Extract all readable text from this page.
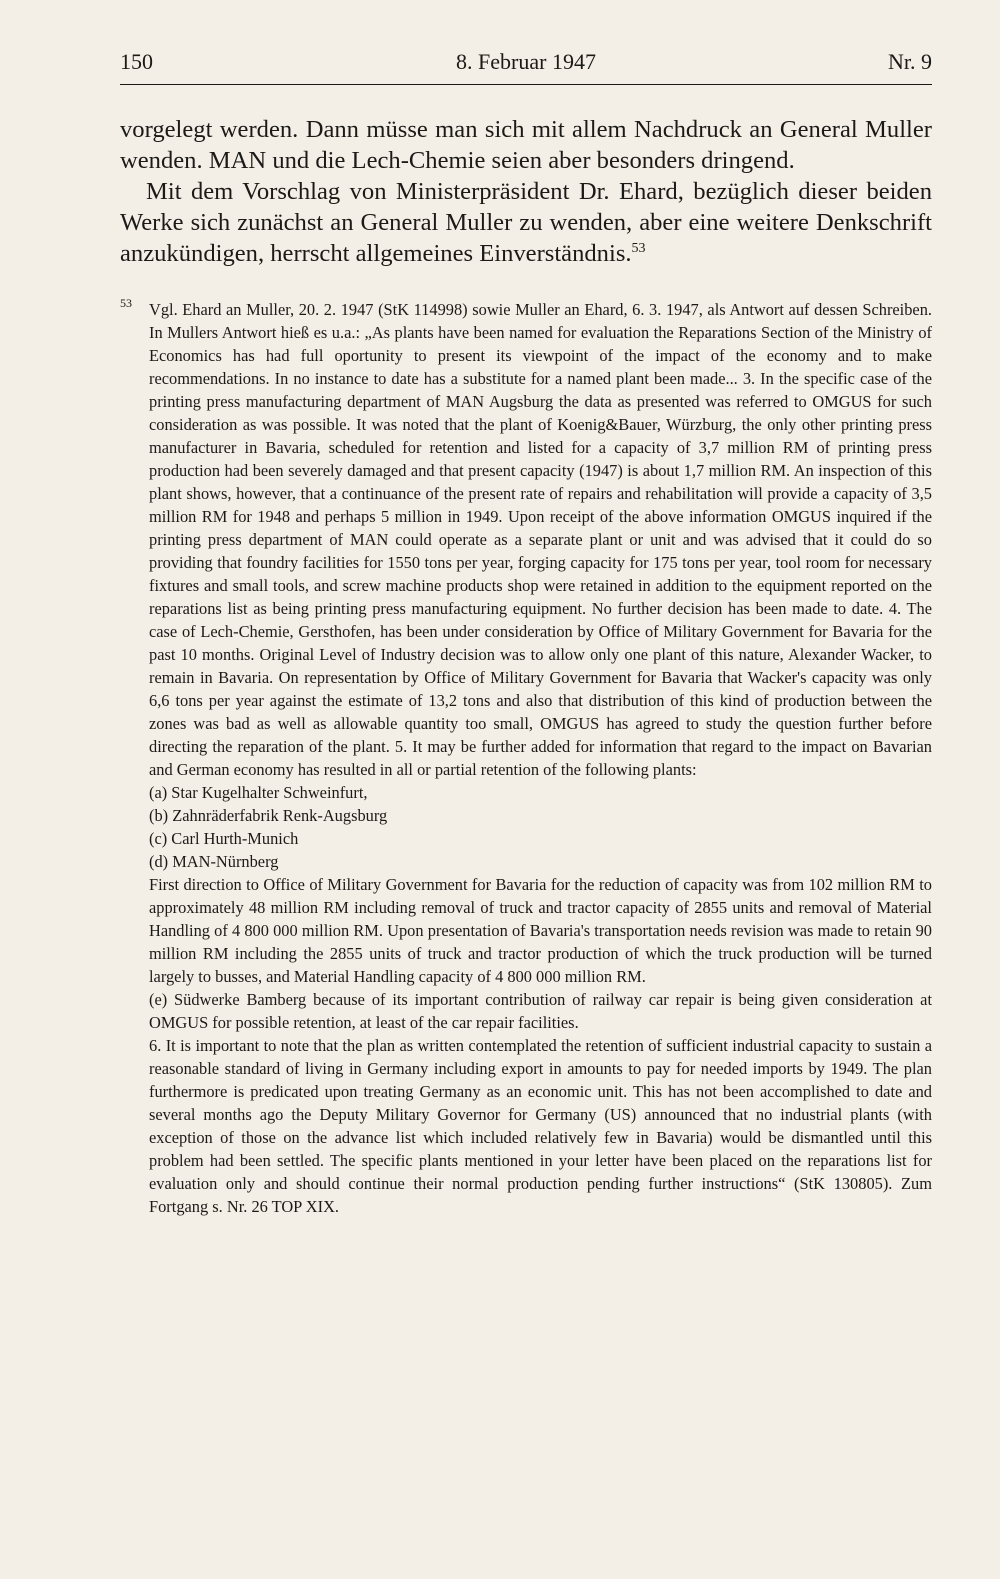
8. Februar 1947
150	Nr. 9

vorgelegt werden. Dann müsse man sich mit allem Nachdruck an General Muller wenden. MAN und die Lech-Chemie seien aber besonders dringend.

Mit dem Vorschlag von Ministerpräsident Dr. Ehard, bezüglich dieser beiden Werke sich zunächst an General Muller zu wenden, aber eine weitere Denkschrift anzukündigen, herrscht allgemeines Einverständnis.$^{53}$

53 Vgl. Ehard an Muller, 20. 2. 1947 (StK 114998) sowie Muller an Ehard, 6. 3. 1947, als Antwort auf dessen Schreiben. In Mullers Antwort hieß es u.a.: „As plants have been named for evaluation the Reparations Section of the Ministry of Economics has had full oportunity to present its viewpoint of the impact of the economy and to make recommendations. In no instance to date has a substitute for a named plant been made... 3. In the specific case of the printing press manufacturing department of MAN Augsburg the data as presented was referred to OMGUS for such consideration as was possible. It was noted that the plant of Koenig&Bauer, Würzburg, the only other printing press manufacturer in Bavaria, scheduled for retention and listed for a capacity of 3,7 million RM of printing press production had been severely damaged and that present capacity (1947) is about 1,7 million RM. An inspection of this plant shows, however, that a continuance of the present rate of repairs and rehabilitation will provide a capacity of 3,5 million RM for 1948 and perhaps 5 million in 1949. Upon receipt of the above information OMGUS inquired if the printing press department of MAN could operate as a separate plant or unit and was advised that it could do so providing that foundry facilities for 1550 tons per year, forging capacity for 175 tons per year, tool room for necessary fixtures and small tools, and screw machine products shop were retained in addition to the equipment reported on the reparations list as being printing press manufacturing equipment. No further decision has been made to date. 4. The case of Lech-Chemie, Gersthofen, has been under consideration by Office of Military Government for Bavaria for the past 10 months. Original Level of Industry decision was to allow only one plant of this nature, Alexander Wacker, to remain in Bavaria. On representation by Office of Military Government for Bavaria that Wacker's capacity was only 6,6 tons per year against the estimate of 13,2 tons and also that distribution of this kind of production between the zones was bad as well as allowable quantity too small, OMGUS has agreed to study the question further before directing the reparation of the plant. 5. It may be further added for information that regard to the impact on Bavarian and German economy has resulted in all or partial retention of the following plants:
(a) Star Kugelhalter Schweinfurt,
(b) Zahnräderfabrik Renk-Augsburg
(c) Carl Hurth-Munich
(d) MAN-Nürnberg
First direction to Office of Military Government for Bavaria for the reduction of capacity was from 102 million RM to approximately 48 million RM including removal of truck and tractor capacity of 2855 units and removal of Material Handling of 4 800 000 million RM. Upon presentation of Bavaria's transportation needs revision was made to retain 90 million RM including the 2855 units of truck and tractor production of which the truck production will be turned largely to busses, and Material Handling capacity of 4 800 000 million RM.
(e) Südwerke Bamberg because of its important contribution of railway car repair is being given consideration at OMGUS for possible retention, at least of the car repair facilities.
6. It is important to note that the plan as written contemplated the retention of sufficient industrial capacity to sustain a reasonable standard of living in Germany including export in amounts to pay for needed imports by 1949. The plan furthermore is predicated upon treating Germany as an economic unit. This has not been accomplished to date and several months ago the Deputy Military Governor for Germany (US) announced that no industrial plants (with exception of those on the advance list which included relatively few in Bavaria) would be dismantled until this problem had been settled. The specific plants mentioned in your letter have been placed on the reparations list for evaluation only and should continue their normal production pending further instructions“ (StK 130805). Zum Fortgang s. Nr. 26 TOP XIX.
